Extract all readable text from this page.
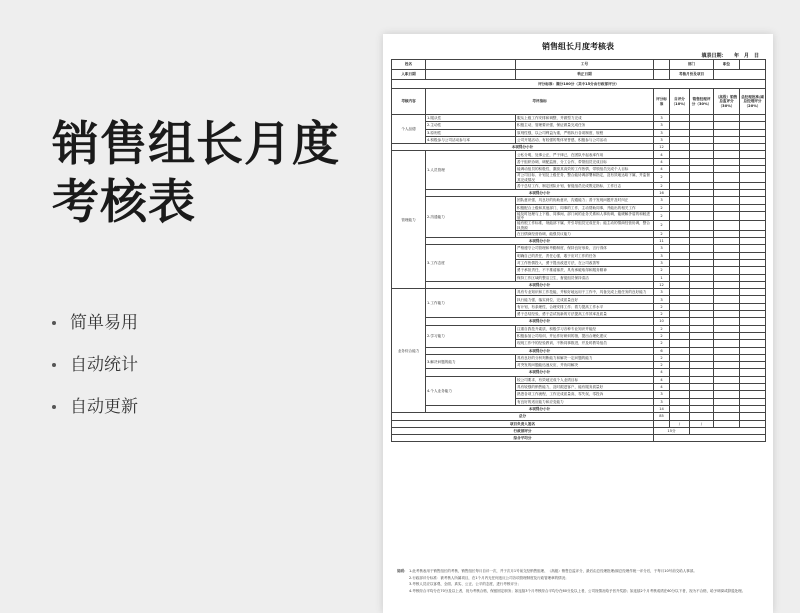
销售组长月度考核表
简单易用
自动统计
自动更新
销售组长月度考核表
填表日期：　　年　月　日
姓名		工号		部门		职位	
入职日期		转正日期		考核月份及项目			
评分标准：满分100分（其中15分由行政部评分）							
考核内容	考评指标		评分标准	自评分（10%）	销售经理评分（30%）	（高级）销售总监评分（30%）	总经理批准/副总经理评分（20%）
个人品德	1.服从性	服从上级工作安排和调整，并做型力完成	3				
	2.主动性	积极主动，管理要识强，保证做量完成任务	3				
	3.原则性	原则性强，以公司利益为重，严格执行各项制度，规程	3				
	4.积极参与公司活动参与率	公司开展活动，有较强的集体荣誉感，积极参与公司活动	3				
本项得分小计			12				
管理能力	1.人员管理	公私分明，处事公正，严于律己，在团队中起表率作用	4				
		善于组织协调，调配监督，分工合作，带领组员完成目标	4				
		能调动组员的积极性，激励其高效的工作热情，带领组员完成个人目标	4				
		对公司目标、计划及上级任务，整合能协调部署和指定，及有效地达给下属，并监督其完成情况	2				
		善于总结工作，制定团队计划，督促组员完成既定指标，工作日志	2				
	本项得分小计		16				
	2.沟通能力	团队意识强，具良好的协助意识，沟通能力；善于发现问题并及时纠正	3				
		积极配合上级和其他部门，同事的工作，主动帮助同事，并能出的相关工作	2				
		能及时处理与上下级、同事间，部门间的业务关系和人事协调，能缓解矛盾的和睦进展中	2				
		能有根工作标准，规能部下属，并引导组员完成任务；能主动的情商经营协调，整合执资源	2				
		在日情商经营协调，能强员议能力	2				
	本项得分小计		11				
	3.工作态度	严格遵守公司管理和考勤制度，保持良好形象，言行得体	3				
		明确自己的责任，责任心强，敢于应对工作的任务	3				
		对工作热情投入，勇于提出改进方法，在公司改善等	3				
		勇于承担责任，不不推诿塞责，具有承破取得和服务精神	2				
		保持工作区域的整洁卫生，督促组员保持清洁	1				
	本项得分小计		12				
业务综合能力	1.工作能力	具有专业知识和工作技能，并积好地运用于工作中，具备完成上级任务的良好能力	3				
		执行能力强，落实到位，完成质量良好	3				
		有计划，有条理性，合理安排工作；着力提高工作水平	2				
		勇于总结经验，勇于尝试找新的方法提高工作效率及质量	2				
	本项得分小计		10				
	2.学习能力	注重自我技升素质，积极学习各种专业知识并能经	2				
		积极参加公司培训，并运作好研训的指，提出合理化建议	2				
		现现工作中的经验教训，不断同事推进，并及时教导组员	2				
	本项得分小计		6				
	3.解决问题的能力	具有良好的分析判断能力和解决一定问题的能力	2				
		对突发的问题能迅速反应，并协同解决	2				
	本项得分小计		4				
	4.个人业务能力	较公司要求，有效地完成个人业绩目标	4				
		具有较强的销售能力，及时跟进客户，能有服务质量好	4				
		熟悉各项工作流程，工作完成质量高，零失误，零投诉	3				
		有良好的适应能力和应变能力	3				
	本项得分小计		14				
总分			85				
项目负责人签名				/	/		
行政部评分			15分				
综合平均分							
说明： 1.此考核表用于销售组长的考核，销售组长每月自评一次，并于次月1号前交经销售组理、（高级）销售总监评分，最后由总经理批理/副总经理作统一评分后，于每月10号前交给人事部。
2.行政部评分标准：被考核人所属项目，在1个月内无任何违反公司各项管理制度及行政管理章的情况；
3.考核人员应以客观、全面、真实、公正、公平的态度，进行考核评分；
4.考核综合平均分在70分及以上者，视为考核合格，保留固定职务；如连续3个月考核综合平均分在60分及以上者，公司视情况给予晋升奖励；如连续2个月考核成绩在60分以下者，视为不合格，给予调岗或辞退处理。
